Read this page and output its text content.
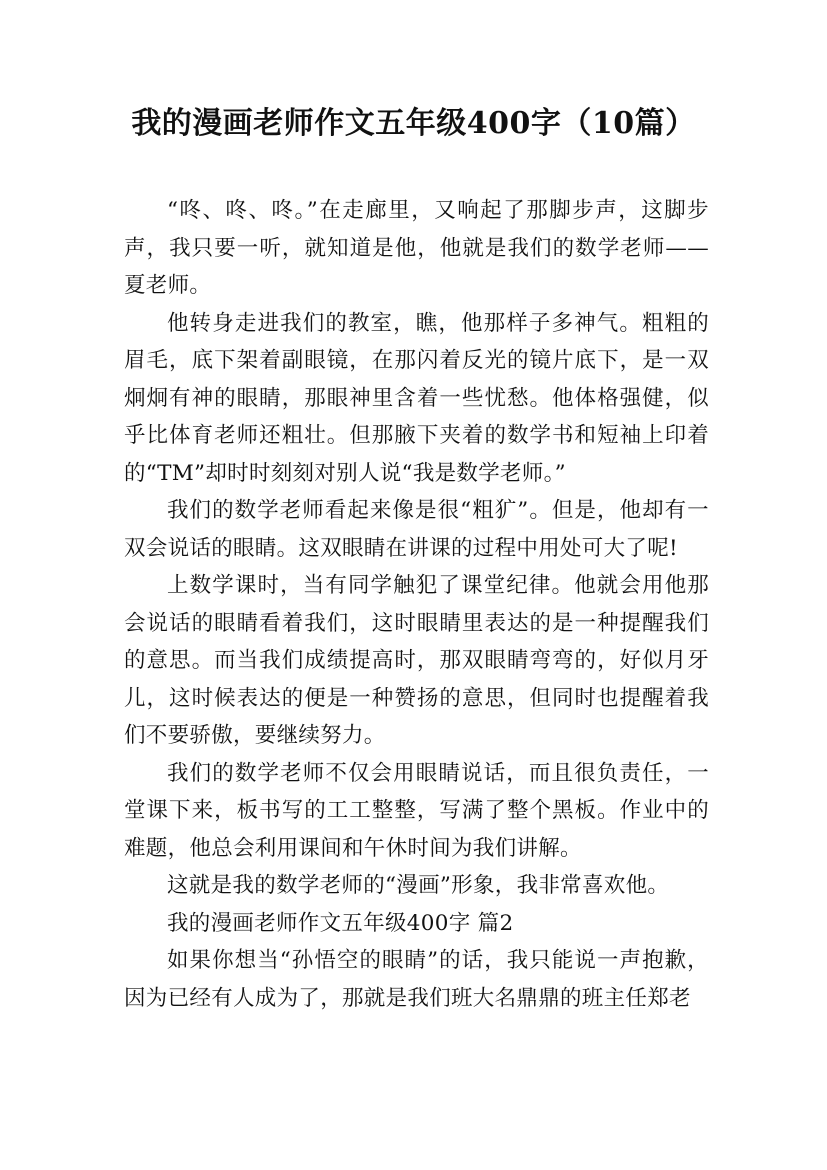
我的漫画老师作文五年级400字（10篇）

“咚、咚、咚。”在走廊里，又响起了那脚步声，这脚步声，我只要一听，就知道是他，他就是我们的数学老师——夏老师。

他转身走进我们的教室，瞧，他那样子多神气。粗粗的眉毛，底下架着副眼镜，在那闪着反光的镜片底下，是一双炯炯有神的眼睛，那眼神里含着一些忧愁。他体格强健，似乎比体育老师还粗壮。但那腋下夹着的数学书和短袖上印着的“TM”却时时刻刻对别人说“我是数学老师。”

我们的数学老师看起来像是很“粗犷”。但是，他却有一双会说话的眼睛。这双眼睛在讲课的过程中用处可大了呢!

上数学课时，当有同学触犯了课堂纪律。他就会用他那会说话的眼睛看着我们，这时眼睛里表达的是一种提醒我们的意思。而当我们成绩提高时，那双眼睛弯弯的，好似月牙儿，这时候表达的便是一种赞扬的意思，但同时也提醒着我们不要骄傲，要继续努力。

我们的数学老师不仅会用眼睛说话，而且很负责任，一堂课下来，板书写的工工整整，写满了整个黑板。作业中的难题，他总会利用课间和午休时间为我们讲解。

这就是我的数学老师的“漫画”形象，我非常喜欢他。

我的漫画老师作文五年级400字 篇2

如果你想当“孙悟空的眼睛”的话，我只能说一声抱歉，因为已经有人成为了，那就是我们班大名鼎鼎的班主任郑老
